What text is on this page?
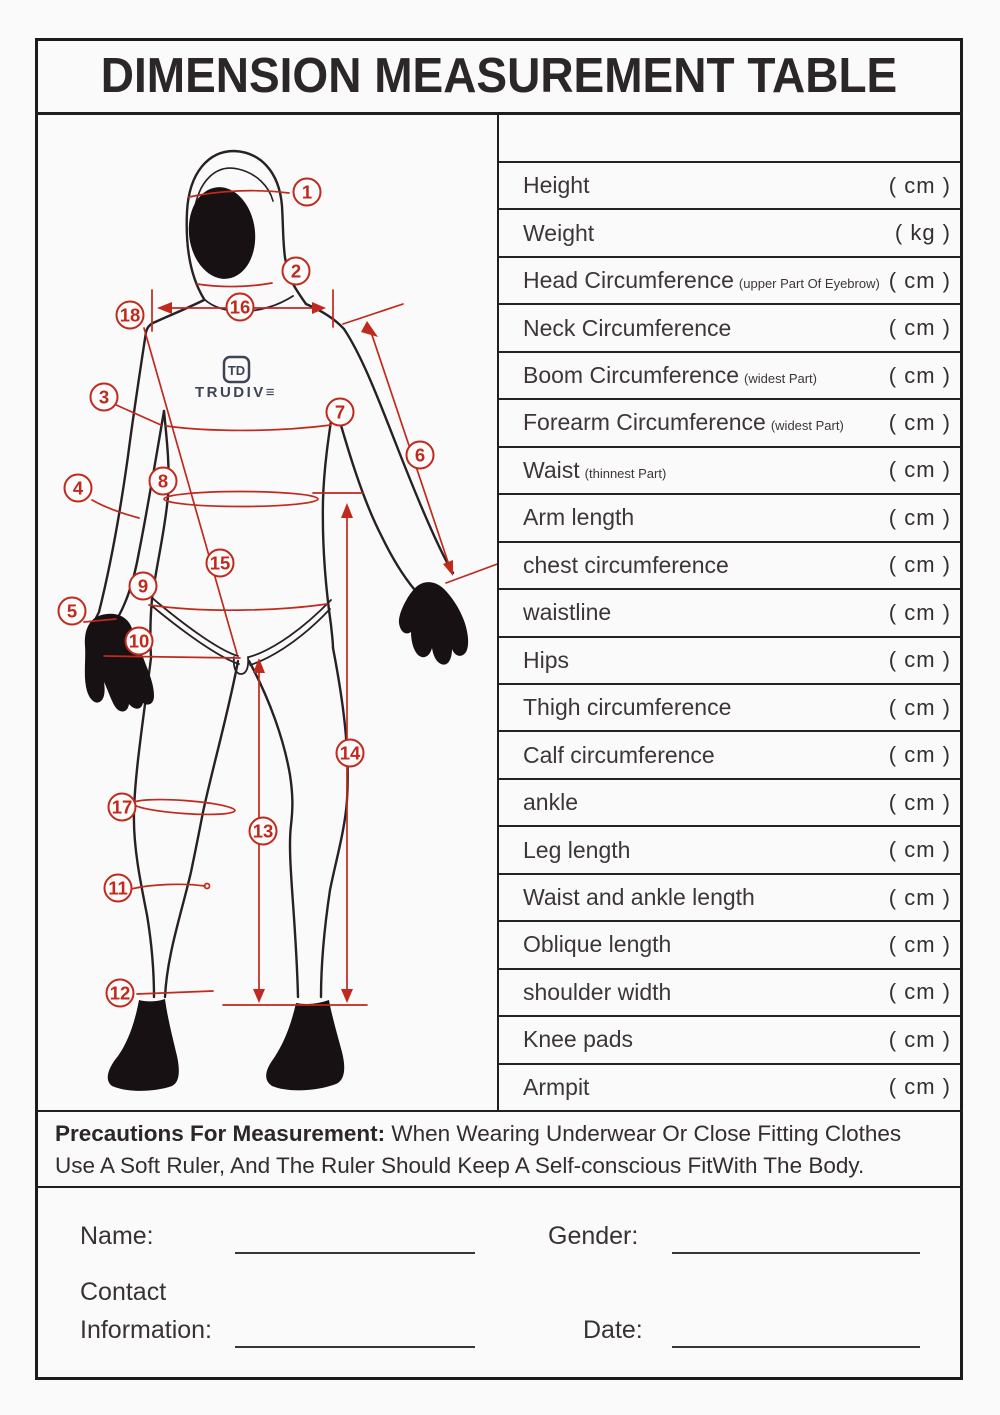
DIMENSION MEASUREMENT TABLE
Height	( cm )
Weight	( kg )
Head Circumference (upper Part Of Eyebrow) ( cm )
Neck Circumference	( cm )
Boom Circumference (widest Part)	( cm )
Forearm Circumference (widest Part) ( cm )
Waist (thinnest Part)	( cm )
Arm length	( cm )
chest circumference	( cm )
waistline	( cm )
Hips	( cm )
Thigh circumference	( cm )
Calf circumference	( cm )
ankle	( cm )
Leg length	( cm )
Waist and ankle length	( cm )
Oblique length	( cm )
shoulder width	( cm )
Knee pads	( cm )
Armpit	( cm )
TD
TRUDIV≡
1
2
3
4
5
6
7
8
9
10
11
12
13
14
15
16
17
18
Precautions For Measurement: When Wearing Underwear Or Close Fitting Clothes
Use A Soft Ruler, And The Ruler Should Keep A Self-conscious FitWith The Body.
Name:	Gender:
Contact
Information:	Date:
